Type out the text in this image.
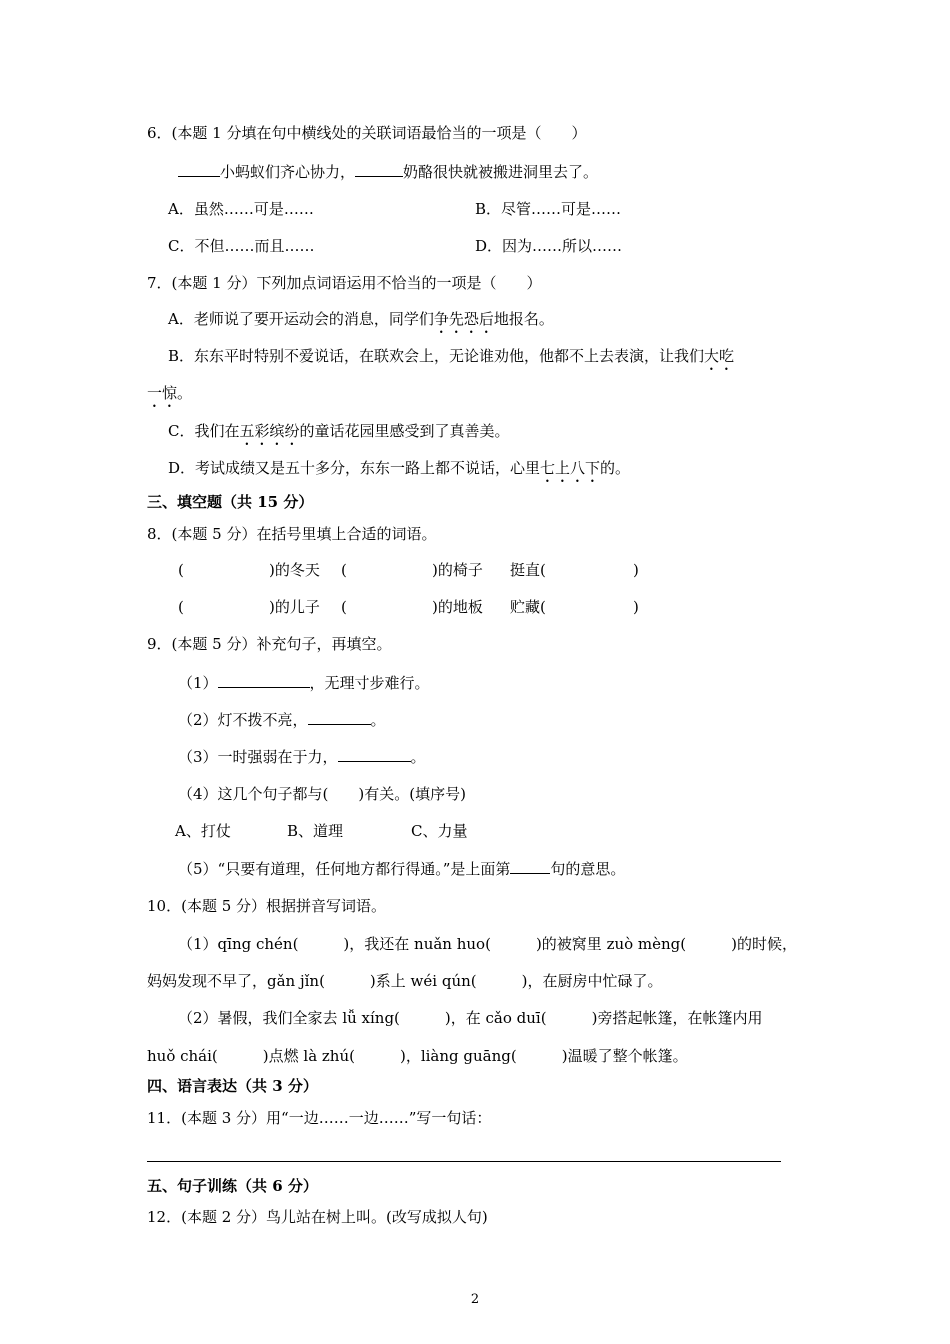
6．(本题 1 分填在句中横线处的关联词语最恰当的一项是（　　）
小蚂蚁们齐心协力，	奶酪很快就被搬进洞里去了。
A．虽然……可是……	B．尽管……可是……
C．不但……而且……	D．因为……所以……
7．(本题 1 分）下列加点词语运用不恰当的一项是（　　）
A．老师说了要开运动会的消息，同学们争先恐后地报名。
B．东东平时特别不爱说话，在联欢会上，无论谁劝他，他都不上去表演，让我们大吃
一惊。
C．我们在五彩缤纷的童话花园里感受到了真善美。
D．考试成绩又是五十多分，东东一路上都不说话，心里七上八下的。
三、填空题（共 15 分）
8．(本题 5 分）在括号里填上合适的词语。
(	)的冬天 (	)的椅子 挺直(	)
(	)的儿子 (	)的地板 贮藏(	)
9．(本题 5 分）补充句子，再填空。
（1）	，无理寸步难行。
（2）灯不拨不亮，	。
（3）一时强弱在于力，	。
（4）这几个句子都与(　　)有关。(填序号)
A、打仗	B、道理	C、力量
（5）“只要有道理，任何地方都行得通。”是上面第	句的意思。
10．(本题 5 分）根据拼音写词语。
（1）qīng chén(　　　)，我还在 nuǎn huo(　　　)的被窝里 zuò mèng(　　　)的时候，
妈妈发现不早了，gǎn jǐn(　　　)系上 wéi qún(　　　)，在厨房中忙碌了。
（2）暑假，我们全家去 lǚ xíng(　　　)，在 cǎo duī(　　　)旁搭起帐篷，在帐篷内用
huǒ chái(　　　)点燃 là zhú(　　　)，liàng guāng(　　　)温暖了整个帐篷。
四、语言表达（共 3 分）
11．(本题 3 分）用“一边……一边……”写一句话：
五、句子训练（共 6 分）
12．(本题 2 分）鸟儿站在树上叫。(改写成拟人句)
2
